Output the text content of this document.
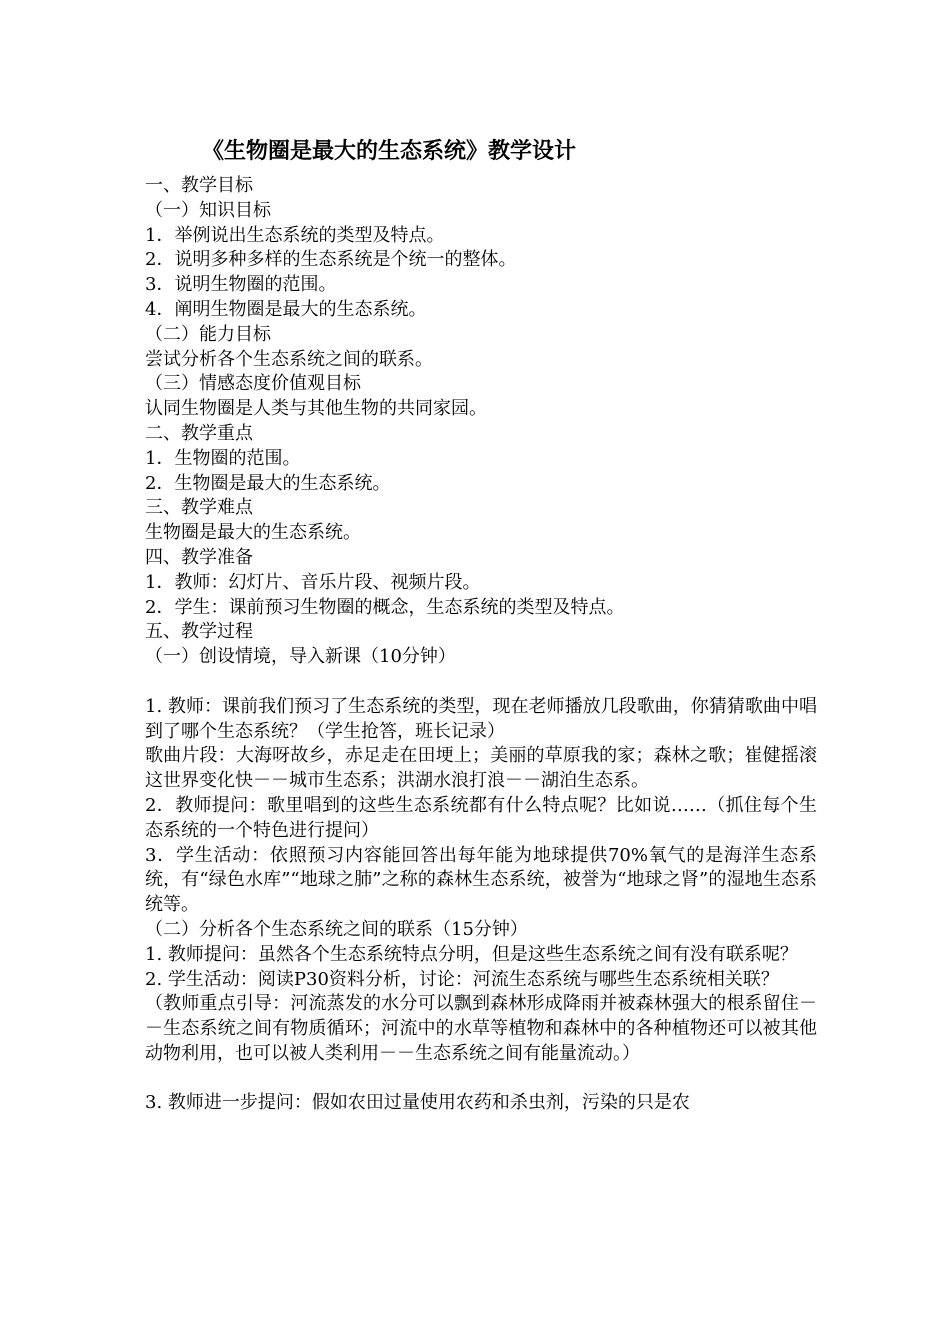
《生物圈是最大的生态系统》教学设计
一、教学目标
（一）知识目标
1．举例说出生态系统的类型及特点。
2．说明多种多样的生态系统是个统一的整体。
3．说明生物圈的范围。
4．阐明生物圈是最大的生态系统。
（二）能力目标
尝试分析各个生态系统之间的联系。
（三）情感态度价值观目标
认同生物圈是人类与其他生物的共同家园。
二、教学重点
1．生物圈的范围。
2．生物圈是最大的生态系统。
三、教学难点
生物圈是最大的生态系统。
四、教学准备
1．教师：幻灯片、音乐片段、视频片段。
2．学生：课前预习生物圈的概念，生态系统的类型及特点。
五、教学过程
（一）创设情境，导入新课（10分钟）

1. 教师：课前我们预习了生态系统的类型，现在老师播放几段歌曲，你猜猜歌曲中唱到了哪个生态系统？（学生抢答，班长记录）

歌曲片段：大海呀故乡，赤足走在田埂上；美丽的草原我的家；森林之歌；崔健摇滚这世界变化快－－城市生态系；洪湖水浪打浪－－湖泊生态系。

2．教师提问：歌里唱到的这些生态系统都有什么特点呢？比如说……（抓住每个生态系统的一个特色进行提问）

3．学生活动：依照预习内容能回答出每年能为地球提供70%氧气的是海洋生态系统，有“绿色水库”“地球之肺”之称的森林生态系统，被誉为“地球之肾”的湿地生态系统等。

（二）分析各个生态系统之间的联系（15分钟）

1. 教师提问：虽然各个生态系统特点分明，但是这些生态系统之间有没有联系呢？

2. 学生活动：阅读P30资料分析，讨论：河流生态系统与哪些生态系统相关联？

（教师重点引导：河流蒸发的水分可以飘到森林形成降雨并被森林强大的根系留住－－生态系统之间有物质循环；河流中的水草等植物和森林中的各种植物还可以被其他动物利用，也可以被人类利用－－生态系统之间有能量流动。）

3. 教师进一步提问：假如农田过量使用农药和杀虫剂，污染的只是农
